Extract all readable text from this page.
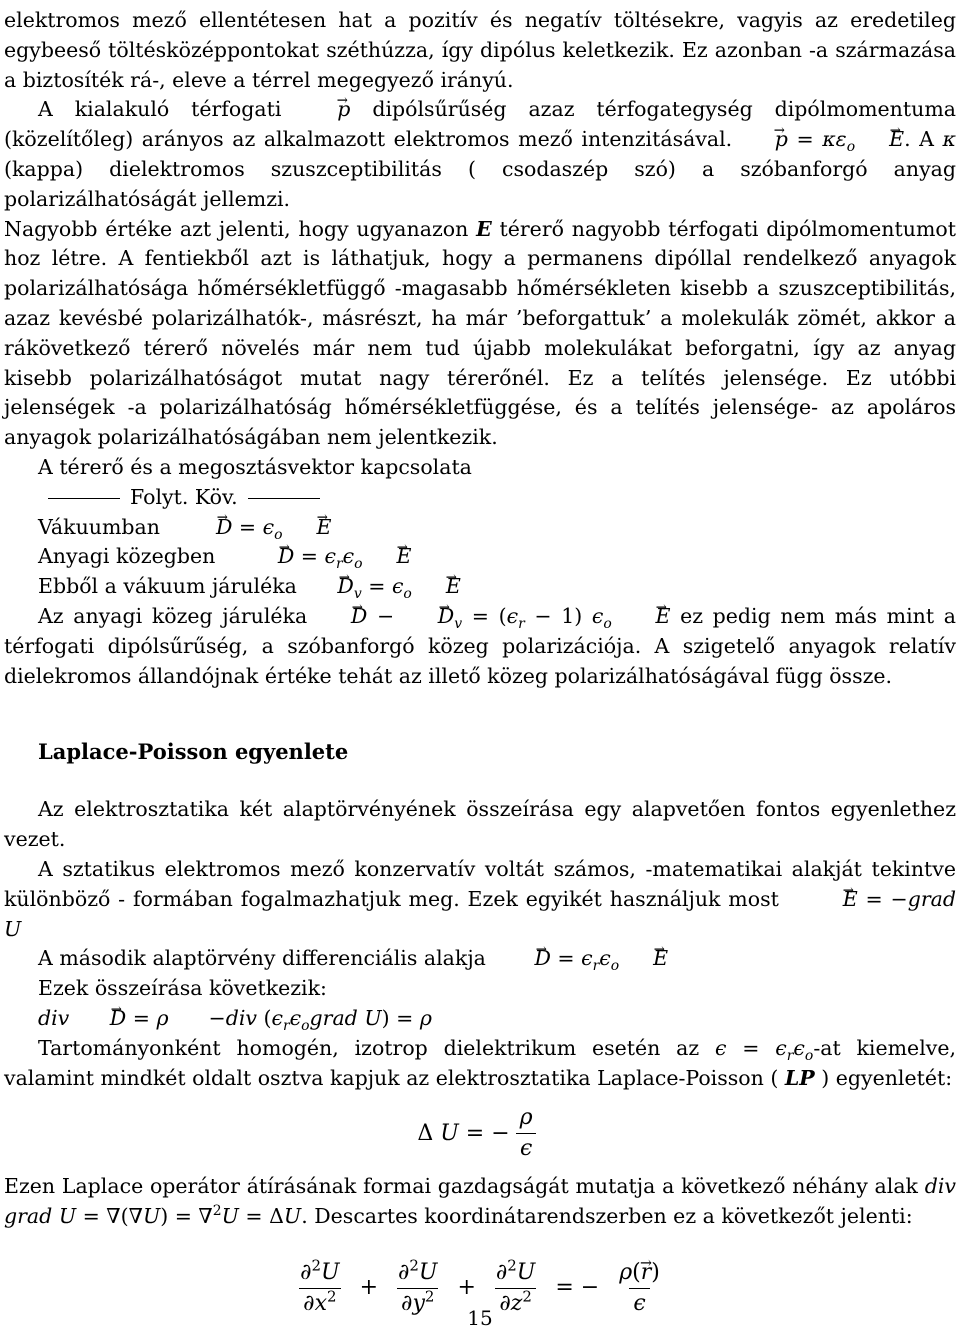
elektromos mező ellentétesen hat a pozitív és negatív töltésekre, vagyis az eredetileg egybeeső töltésközéppontokat széthúzza, így dipólus keletkezik. Ez azonban -a származása a biztosíték rá-, eleve a térrel megegyező irányú.

A kialakuló térfogati	→ p dipólsűrűség azaz térfogategység dipólmomentuma (közelítőleg) arányos az alkalmazott elektromos mező intenzitásával. → $p = \kappa\varepsilon_o \to E$. A κ (kappa) dielektromos szuszceptibilitás ( csodaszép szó) a szóbanforgó anyag polarizálhatóságát jellemzi.

Nagyobb értéke azt jelenti, hogy ugyanazon E térerő nagyobb térfogati dipólmomentumot hoz létre. A fentiekből azt is láthatjuk, hogy a permanens dipóllal rendelkező anyagok polarizálhatósága hőmérsékletfüggő -magasabb hőmérsékleten kisebb a szuszceptibilitás, azaz kevésbé polarizálhatók-, másrészt, ha már ’beforgattuk’ a molekulák zömét, akkor a rákövetkező térerő növelés már nem tud újabb molekulákat beforgatni, így az anyag kisebb polarizálhatóságot mutat nagy térerőnél. Ez a telítés jelensége. Ez utóbbi jelenségek -a polarizálhatóság hőmérsékletfüggése, és a telítés jelensége- az apoláros anyagok polarizálhatóságában nem jelentkezik.

A térerő és a megosztásvektor kapcsolata

Folyt. Köv.

Vákuumban	→ $D = \epsilon_o \to E$

Anyagi közegben	→ $D = \epsilon_r\epsilon_o \to E$

Ebből a vákuum járuléka → $D_v = \epsilon_o \to E$

Az anyagi közeg járuléka → D − → $D_v = (\epsilon_r - 1) \epsilon_o \to E$ ez pedig nem más mint a térfogati dipólsűrűség, a szóbanforgó közeg polarizációja. A szigetelő anyagok relatív dielekromos állandójnak értéke tehát az illető közeg polarizálhatóságával függ össze.

Laplace-Poisson egyenlete

Az elektrosztatika két alaptörvényének összeírása egy alapvetően fontos egyenlethez vezet.

A sztatikus elektromos mező konzervatív voltát számos, -matematikai alakját tekintve különböző - formában fogalmazhatjuk meg. Ezek egyikét használjuk most	→ E = −grad U

A második alaptörvény differenciális alakja → $D = \epsilon_r\epsilon_o \to E$

Ezek összeírása következik:

div → D = ρ −div ($\epsilon_r\epsilon_ograd$ U) = ρ

Tartományonként homogén, izotrop dielektrikum esetén az $\epsilon = \epsilon_r\epsilon_o-at$ kiemelve, valamint mindkét oldalt osztva kapjuk az elektrosztatika Laplace-Poisson ( LP ) egyenletét:

Δ U = − $\frac{\rho}{\epsilon}$

Ezen Laplace operátor átírásának formai gazdagságát mutatja a következő néhány alak div grad U = ∇(∇U) = ∇$^2$U = ΔU. Descartes koordinátarendszerben ez a következőt jelenti:

$\frac{\partial^2U}{\partial x^2} + \frac{\partial^2U}{\partial y^2} + \frac{\partial^2U}{\partial z^2}$ = − $\frac{\rho(\to r)}{\epsilon}$
15
